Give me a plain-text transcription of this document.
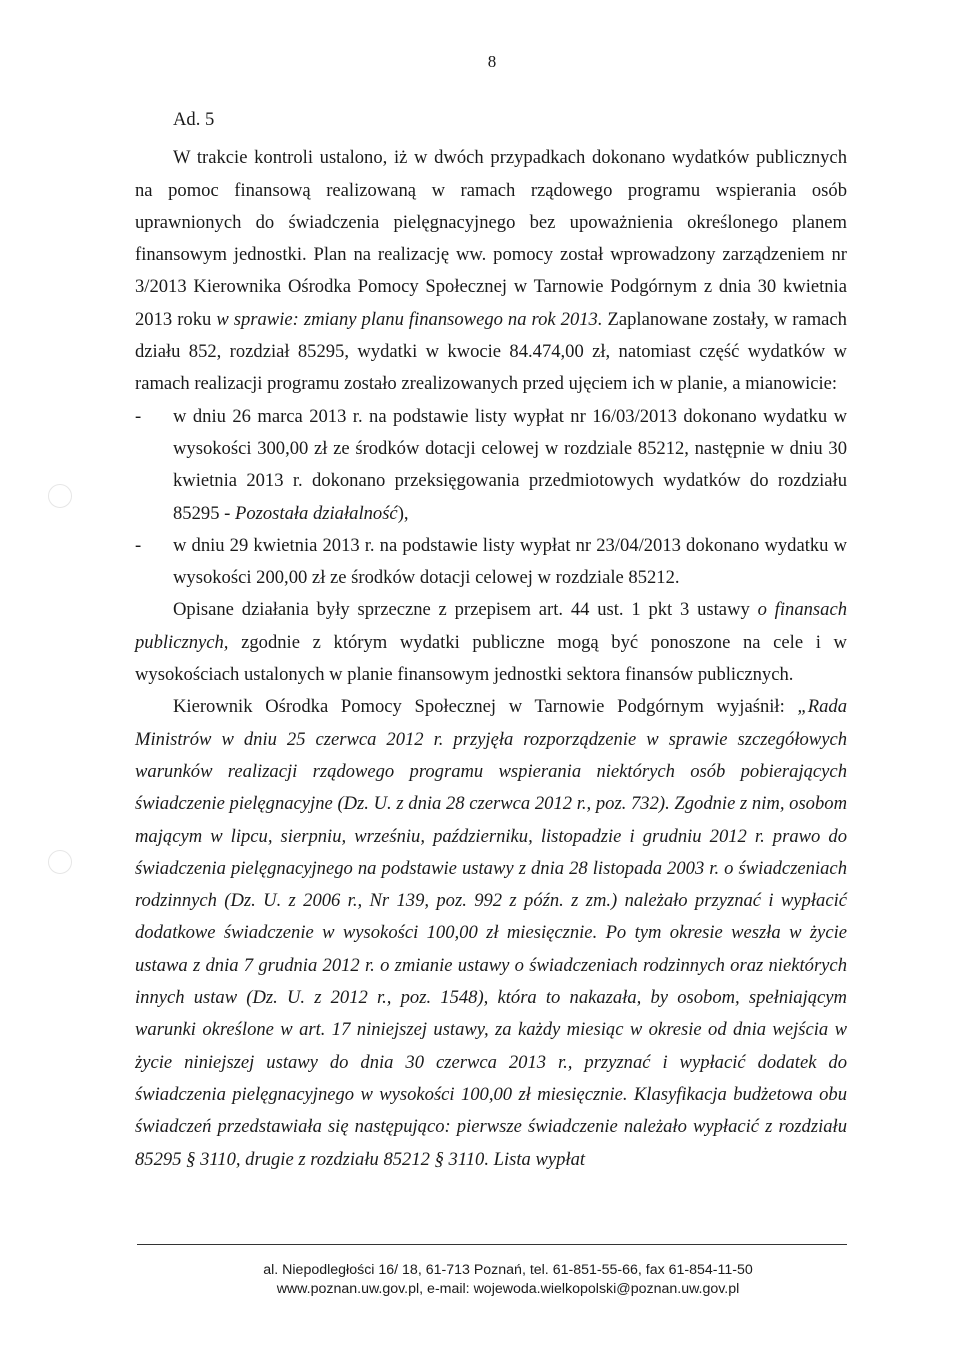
8

Ad. 5

W trakcie kontroli ustalono, iż w dwóch przypadkach dokonano wydatków publicznych na pomoc finansową realizowaną w ramach rządowego programu wspierania osób uprawnionych do świadczenia pielęgnacyjnego bez upoważnienia określonego planem finansowym jednostki. Plan na realizację ww. pomocy został wprowadzony zarządzeniem nr 3/2013 Kierownika Ośrodka Pomocy Społecznej w Tarnowie Podgórnym z dnia 30 kwietnia 2013 roku w sprawie: zmiany planu finansowego na rok 2013. Zaplanowane zostały, w ramach działu 852, rozdział 85295, wydatki w kwocie 84.474,00 zł, natomiast część wydatków w ramach realizacji programu zostało zrealizowanych przed ujęciem ich w planie, a mianowicie:

- w dniu 26 marca 2013 r. na podstawie listy wypłat nr 16/03/2013 dokonano wydatku w wysokości 300,00 zł ze środków dotacji celowej w rozdziale 85212, następnie w dniu 30 kwietnia 2013 r. dokonano przeksięgowania przedmiotowych wydatków do rozdziału 85295 - Pozostała działalność),

- w dniu 29 kwietnia 2013 r. na podstawie listy wypłat nr 23/04/2013 dokonano wydatku w wysokości 200,00 zł ze środków dotacji celowej w rozdziale 85212.

Opisane działania były sprzeczne z przepisem art. 44 ust. 1 pkt 3 ustawy o finansach publicznych, zgodnie z którym wydatki publiczne mogą być ponoszone na cele i w wysokościach ustalonych w planie finansowym jednostki sektora finansów publicznych.

Kierownik Ośrodka Pomocy Społecznej w Tarnowie Podgórnym wyjaśnił: „Rada Ministrów w dniu 25 czerwca 2012 r. przyjęła rozporządzenie w sprawie szczegółowych warunków realizacji rządowego programu wspierania niektórych osób pobierających świadczenie pielęgnacyjne (Dz. U. z dnia 28 czerwca 2012 r., poz. 732). Zgodnie z nim, osobom mającym w lipcu, sierpniu, wrześniu, październiku, listopadzie i grudniu 2012 r. prawo do świadczenia pielęgnacyjnego na podstawie ustawy z dnia 28 listopada 2003 r. o świadczeniach rodzinnych (Dz. U. z 2006 r., Nr 139, poz. 992 z późn. z zm.) należało przyznać i wypłacić dodatkowe świadczenie w wysokości 100,00 zł miesięcznie. Po tym okresie weszła w życie ustawa z dnia 7 grudnia 2012 r. o zmianie ustawy o świadczeniach rodzinnych oraz niektórych innych ustaw (Dz. U. z 2012 r., poz. 1548), która to nakazała, by osobom, spełniającym warunki określone w art. 17 niniejszej ustawy, za każdy miesiąc w okresie od dnia wejścia w życie niniejszej ustawy do dnia 30 czerwca 2013 r., przyznać i wypłacić dodatek do świadczenia pielęgnacyjnego w wysokości 100,00 zł miesięcznie. Klasyfikacja budżetowa obu świadczeń przedstawiała się następująco: pierwsze świadczenie należało wypłacić z rozdziału 85295 § 3110, drugie z rozdziału 85212 § 3110. Lista wypłat

al. Niepodległości 16/ 18, 61-713 Poznań, tel. 61-851-55-66, fax 61-854-11-50
www.poznan.uw.gov.pl, e-mail: wojewoda.wielkopolski@poznan.uw.gov.pl
